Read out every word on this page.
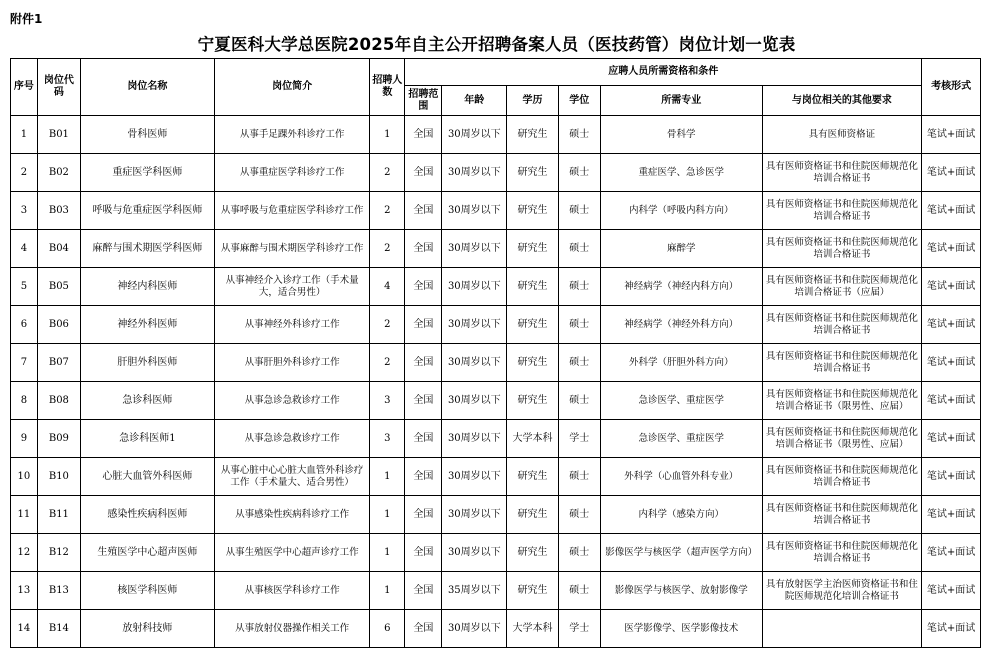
附件1
宁夏医科大学总医院2025年自主公开招聘备案人员（医技药管）岗位计划一览表
序号	岗位代码	岗位名称	岗位简介	招聘人数	应聘人员所需资格和条件						考核形式
					招聘范围	年龄	学历	学位	所需专业	与岗位相关的其他要求	
1	B01	骨科医师	从事手足踝外科诊疗工作	1	全国	30周岁以下	研究生	硕士	骨科学	具有医师资格证	笔试+面试
2	B02	重症医学科医师	从事重症医学科诊疗工作	2	全国	30周岁以下	研究生	硕士	重症医学、急诊医学	具有医师资格证书和住院医师规范化培训合格证书	笔试+面试
3	B03	呼吸与危重症医学科医师	从事呼吸与危重症医学科诊疗工作	2	全国	30周岁以下	研究生	硕士	内科学（呼吸内科方向）	具有医师资格证书和住院医师规范化培训合格证书	笔试+面试
4	B04	麻醉与围术期医学科医师	从事麻醉与围术期医学科诊疗工作	2	全国	30周岁以下	研究生	硕士	麻醉学	具有医师资格证书和住院医师规范化培训合格证书	笔试+面试
5	B05	神经内科医师	从事神经介入诊疗工作（手术量大，适合男性）	4	全国	30周岁以下	研究生	硕士	神经病学（神经内科方向）	具有医师资格证书和住院医师规范化培训合格证书（应届）	笔试+面试
6	B06	神经外科医师	从事神经外科诊疗工作	2	全国	30周岁以下	研究生	硕士	神经病学（神经外科方向）	具有医师资格证书和住院医师规范化培训合格证书	笔试+面试
7	B07	肝胆外科医师	从事肝胆外科诊疗工作	2	全国	30周岁以下	研究生	硕士	外科学（肝胆外科方向）	具有医师资格证书和住院医师规范化培训合格证书	笔试+面试
8	B08	急诊科医师	从事急诊急救诊疗工作	3	全国	30周岁以下	研究生	硕士	急诊医学、重症医学	具有医师资格证书和住院医师规范化培训合格证书（限男性、应届）	笔试+面试
9	B09	急诊科医师1	从事急诊急救诊疗工作	3	全国	30周岁以下	大学本科	学士	急诊医学、重症医学	具有医师资格证书和住院医师规范化培训合格证书（限男性、应届）	笔试+面试
10	B10	心脏大血管外科医师	从事心脏中心心脏大血管外科诊疗工作（手术量大、适合男性）	1	全国	30周岁以下	研究生	硕士	外科学（心血管外科专业）	具有医师资格证书和住院医师规范化培训合格证书	笔试+面试
11	B11	感染性疾病科医师	从事感染性疾病科诊疗工作	1	全国	30周岁以下	研究生	硕士	内科学（感染方向）	具有医师资格证书和住院医师规范化培训合格证书	笔试+面试
12	B12	生殖医学中心超声医师	从事生殖医学中心超声诊疗工作	1	全国	30周岁以下	研究生	硕士	影像医学与核医学（超声医学方向）	具有医师资格证书和住院医师规范化培训合格证书	笔试+面试
13	B13	核医学科医师	从事核医学科诊疗工作	1	全国	35周岁以下	研究生	硕士	影像医学与核医学、放射影像学	具有放射医学主治医师资格证书和住院医师规范化培训合格证书	笔试+面试
14	B14	放射科技师	从事放射仪器操作相关工作	6	全国	30周岁以下	大学本科	学士	医学影像学、医学影像技术		笔试+面试
